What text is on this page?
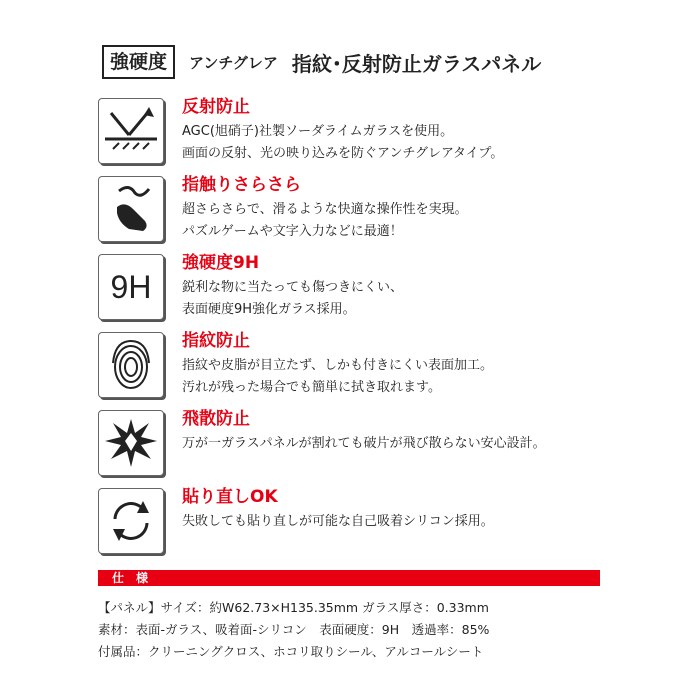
強硬度	アンチグレア 指紋･反射防止ガラスパネル
反射防止
AGC(旭硝子)社製ソーダライムガラスを使用。
画面の反射、光の映り込みを防ぐアンチグレアタイプ。
指触りさらさら
超さらさらで、滑るような快適な操作性を実現。
パズルゲームや文字入力などに最適！
9H
強硬度9H
鋭利な物に当たっても傷つきにくい、
表面硬度9H強化ガラス採用。
指紋防止
指紋や皮脂が目立たず、しかも付きにくい表面加工。
汚れが残った場合でも簡単に拭き取れます。
飛散防止
万が一ガラスパネルが割れても破片が飛び散らない安心設計。
貼り直しOK
失敗しても貼り直しが可能な自己吸着シリコン採用。
仕　様
【パネル】サイズ：約W62.73×H135.35mm ガラス厚さ：0.33mm
素材：表面-ガラス、吸着面-シリコン　表面硬度：9H　透過率：85%
付属品：クリーニングクロス、ホコリ取りシール、アルコールシート
